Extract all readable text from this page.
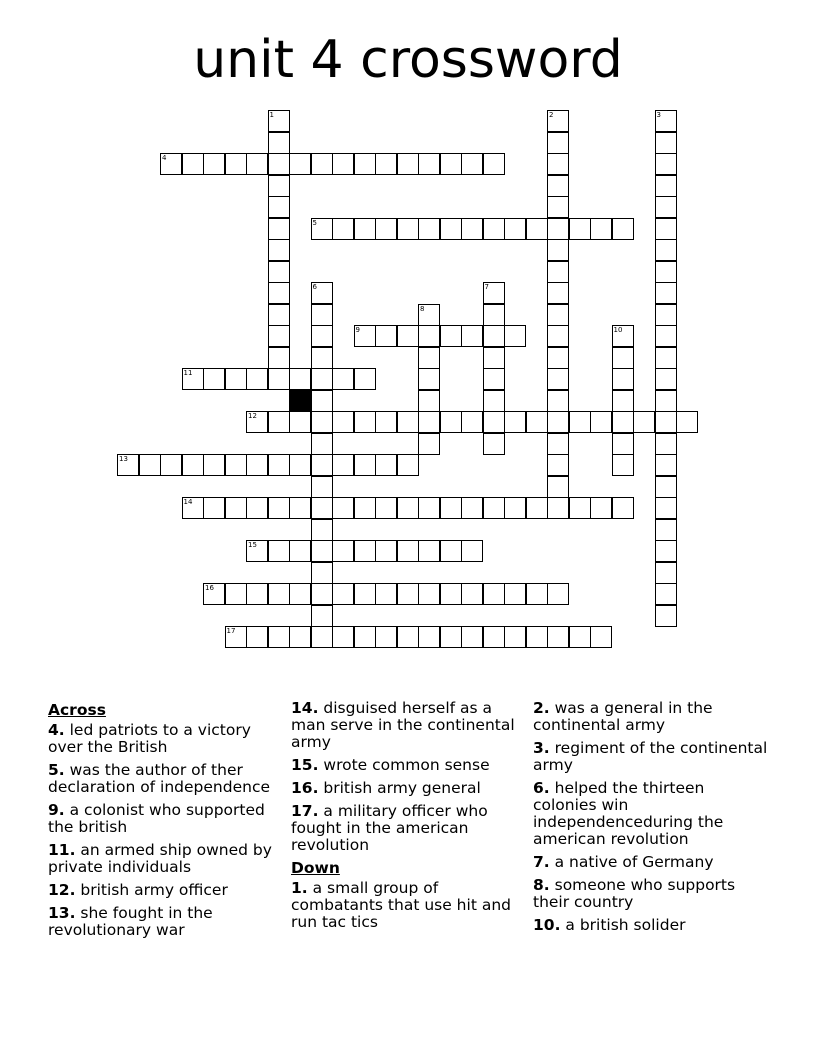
unit 4 crossword
1	2	3
4
5
6	7
8
9	10
11
12
13
14
15
16
17
Across
4. led patriots to a victory over the British
5. was the author of ther declaration of independence
9. a colonist who supported the british
11. an armed ship owned by private individuals
12. british army officer
13. she fought in the revolutionary war
14. disguised herself as a man serve in the continental army
15. wrote common sense
16. british army general
17. a military officer who fought in the american revolution
Down
1. a small group of combatants that use hit and run tac tics
2. was a general in the continental army
3. regiment of the continental army
6. helped the thirteen colonies win independenceduring the american revolution
7. a native of Germany
8. someone who supports their country
10. a british solider
